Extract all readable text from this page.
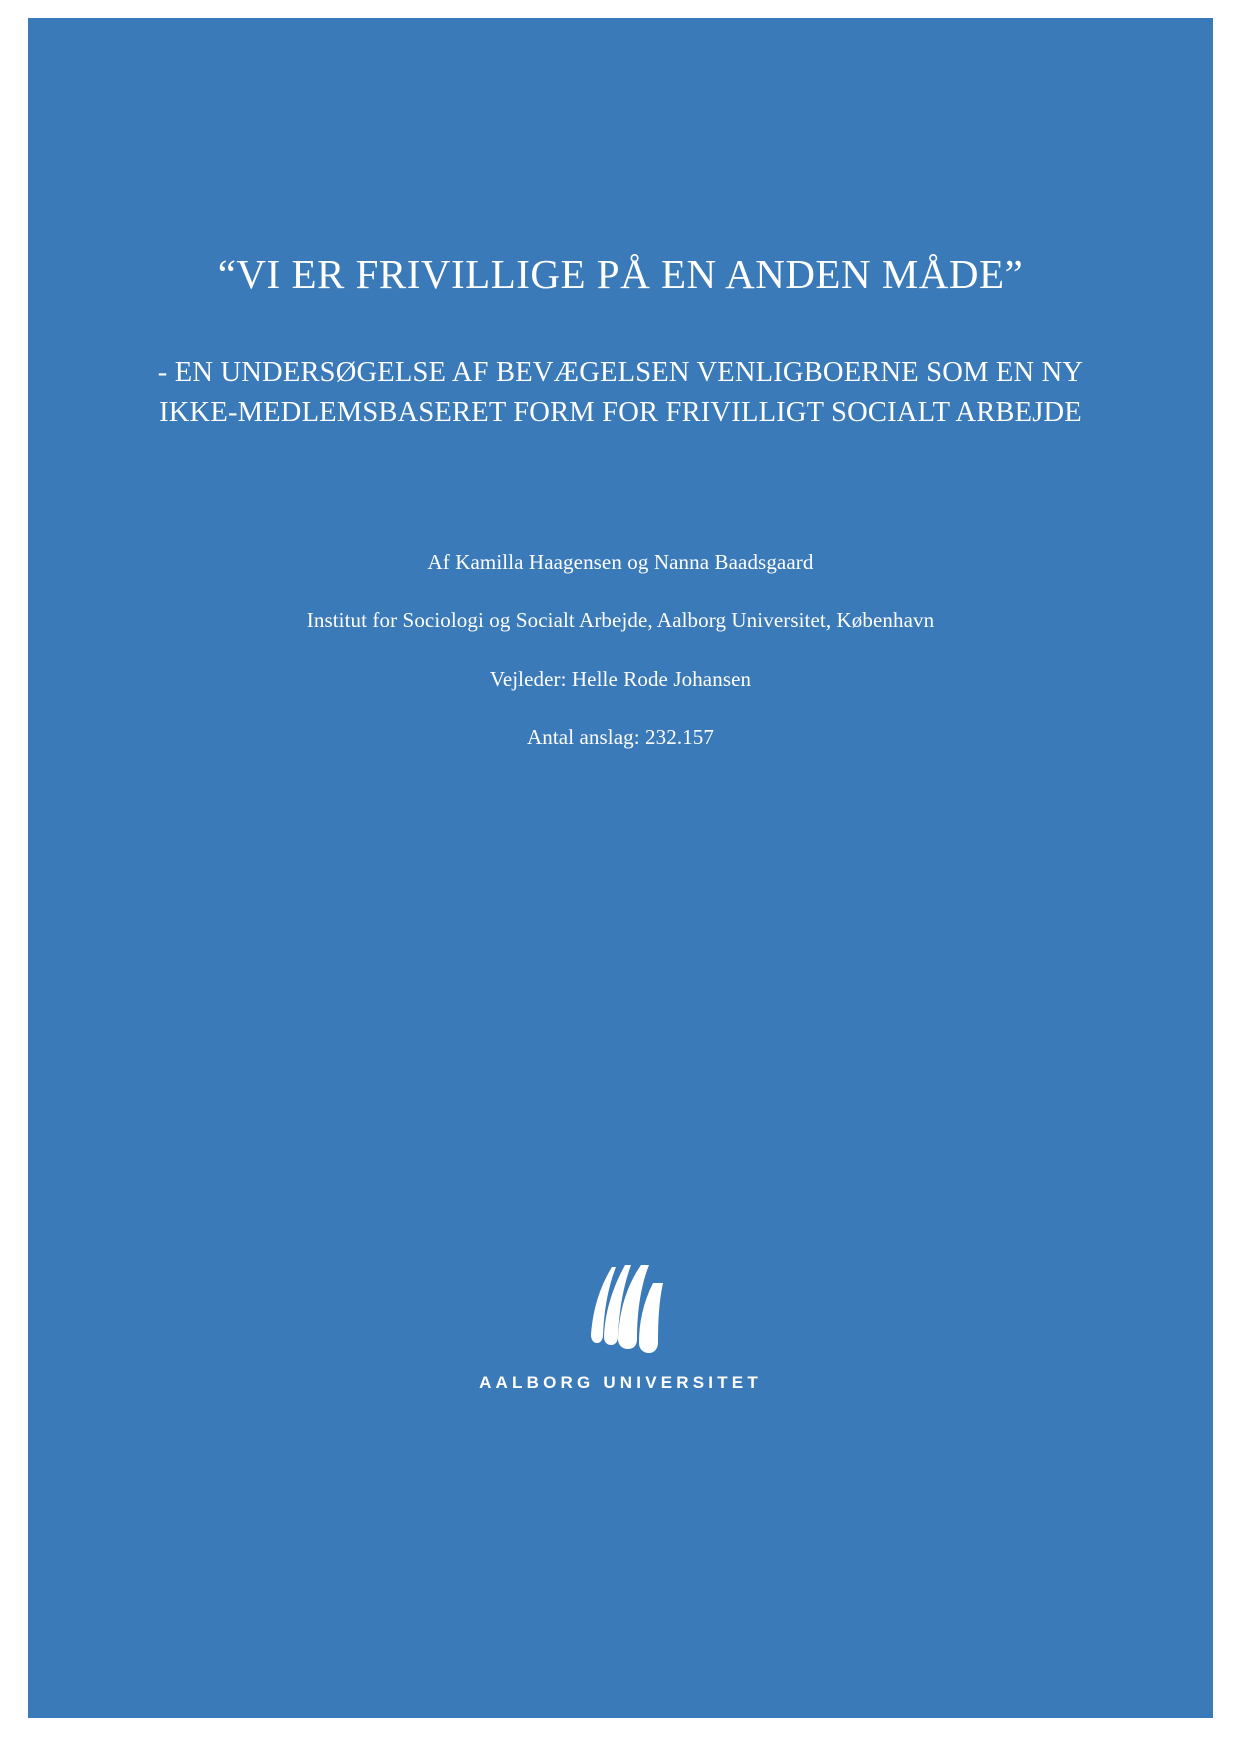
“VI ER FRIVILLIGE PÅ EN ANDEN MÅDE”
- EN UNDERSØGELSE AF BEVÆGELSEN VENLIGBOERNE SOM EN NY IKKE-MEDLEMSBASERET FORM FOR FRIVILLIGT SOCIALT ARBEJDE

Af Kamilla Haagensen og Nanna Baadsgaard

Institut for Sociologi og Socialt Arbejde, Aalborg Universitet, København

Vejleder: Helle Rode Johansen

Antal anslag: 232.157

AALBORG UNIVERSITET
